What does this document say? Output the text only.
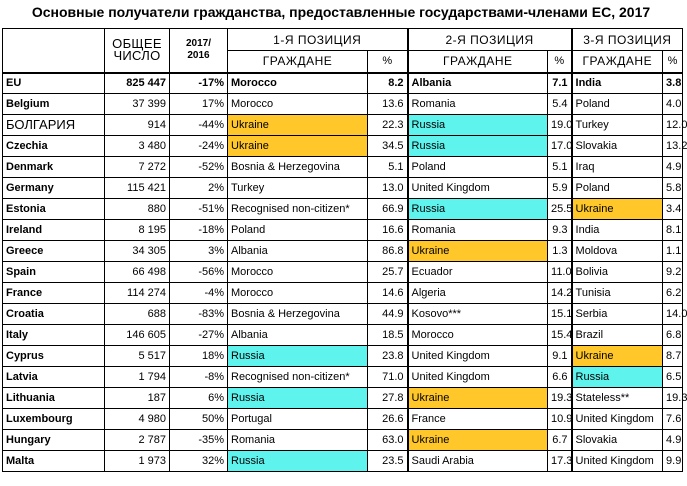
Основные получатели гражданства, предоставленные государствами-членами ЕС, 2017
	ОБЩЕЕ
ЧИСЛО	2017/
2016	1-Я ПОЗИЦИЯ		2-Я ПОЗИЦИЯ		3-Я ПОЗИЦИЯ	
			ГРАЖДАНЕ	%	ГРАЖДАНЕ	%	ГРАЖДАНЕ	%
EU	825 447	-17%	Morocco	8.2	Albania	7.1	India	3.8
Belgium	37 399	17%	Morocco	13.6	Romania	5.4	Poland	4.0
БОЛГАРИЯ	914	-44%	Ukraine	22.3	Russia	19.0	Turkey	12.0
Czechia	3 480	-24%	Ukraine	34.5	Russia	17.0	Slovakia	13.2
Denmark	7 272	-52%	Bosnia & Herzegovina	5.1	Poland	5.1	Iraq	4.9
Germany	115 421	2%	Turkey	13.0	United Kingdom	5.9	Poland	5.8
Estonia	880	-51%	Recognised non-citizen*	66.9	Russia	25.5	Ukraine	3.4
Ireland	8 195	-18%	Poland	16.6	Romania	9.3	India	8.1
Greece	34 305	3%	Albania	86.8	Ukraine	1.3	Moldova	1.1
Spain	66 498	-56%	Morocco	25.7	Ecuador	11.0	Bolivia	9.2
France	114 274	-4%	Morocco	14.6	Algeria	14.2	Tunisia	6.2
Croatia	688	-83%	Bosnia & Herzegovina	44.9	Kosovo***	15.1	Serbia	14.0
Italy	146 605	-27%	Albania	18.5	Morocco	15.4	Brazil	6.8
Cyprus	5 517	18%	Russia	23.8	United Kingdom	9.1	Ukraine	8.7
Latvia	1 794	-8%	Recognised non-citizen*	71.0	United Kingdom	6.6	Russia	6.5
Lithuania	187	6%	Russia	27.8	Ukraine	19.3	Stateless**	19.3
Luxembourg	4 980	50%	Portugal	26.6	France	10.9	United Kingdom	7.6
Hungary	2 787	-35%	Romania	63.0	Ukraine	6.7	Slovakia	4.9
Malta	1 973	32%	Russia	23.5	Saudi Arabia	17.3	United Kingdom	9.9
